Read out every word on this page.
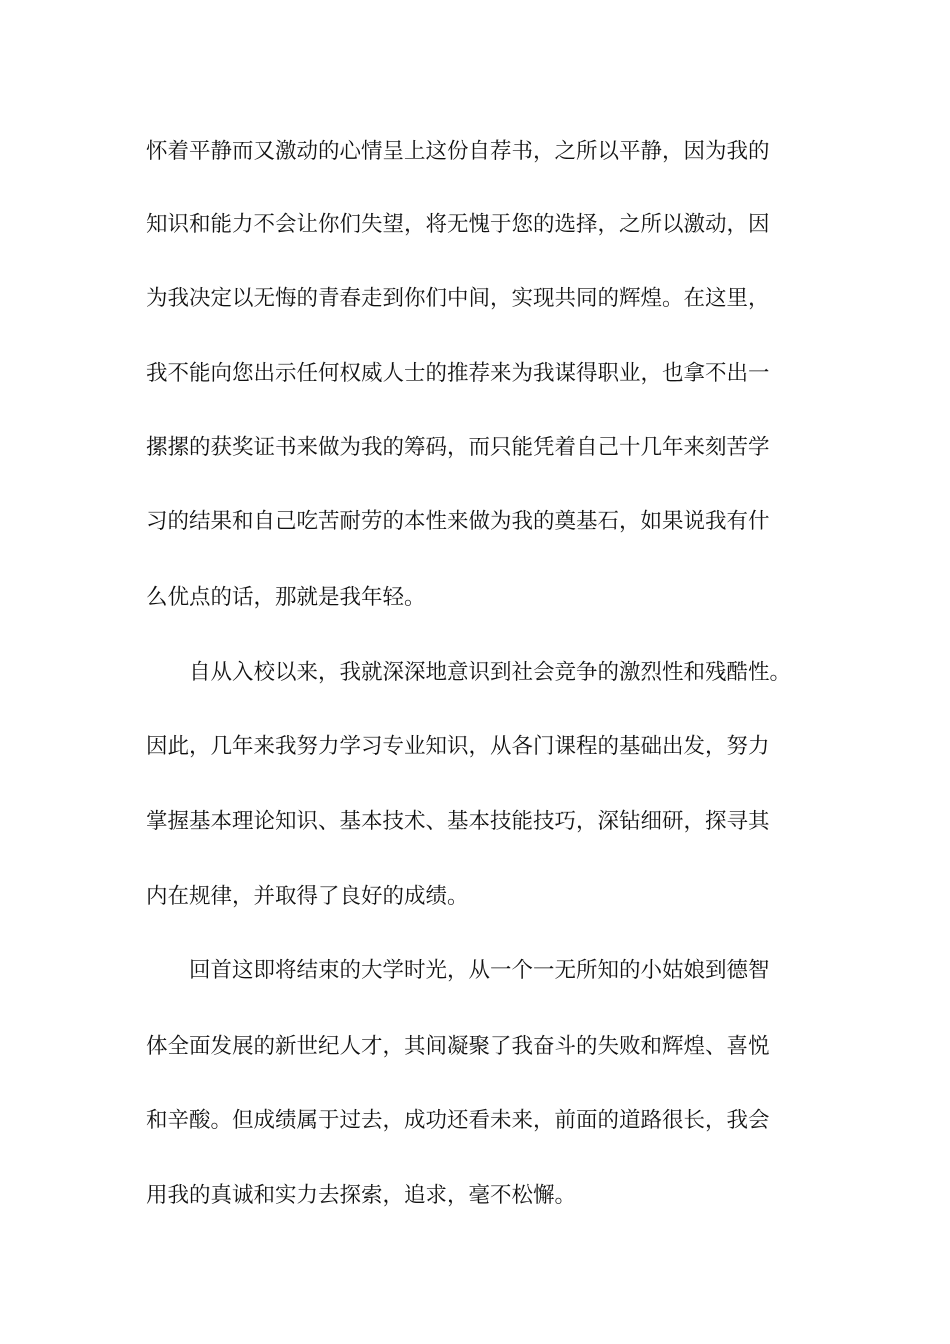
怀着平静而又激动的心情呈上这份自荐书，之所以平静，因为我的
知识和能力不会让你们失望，将无愧于您的选择，之所以激动，因
为我决定以无悔的青春走到你们中间，实现共同的辉煌。在这里，
我不能向您出示任何权威人士的推荐来为我谋得职业，也拿不出一
摞摞的获奖证书来做为我的筹码，而只能凭着自己十几年来刻苦学
习的结果和自己吃苦耐劳的本性来做为我的奠基石，如果说我有什
么优点的话，那就是我年轻。
自从入校以来，我就深深地意识到社会竞争的激烈性和残酷性。
因此，几年来我努力学习专业知识，从各门课程的基础出发，努力
掌握基本理论知识、基本技术、基本技能技巧，深钻细研，探寻其
内在规律，并取得了良好的成绩。
回首这即将结束的大学时光，从一个一无所知的小姑娘到德智
体全面发展的新世纪人才，其间凝聚了我奋斗的失败和辉煌、喜悦
和辛酸。但成绩属于过去，成功还看未来，前面的道路很长，我会
用我的真诚和实力去探索，追求，毫不松懈。
